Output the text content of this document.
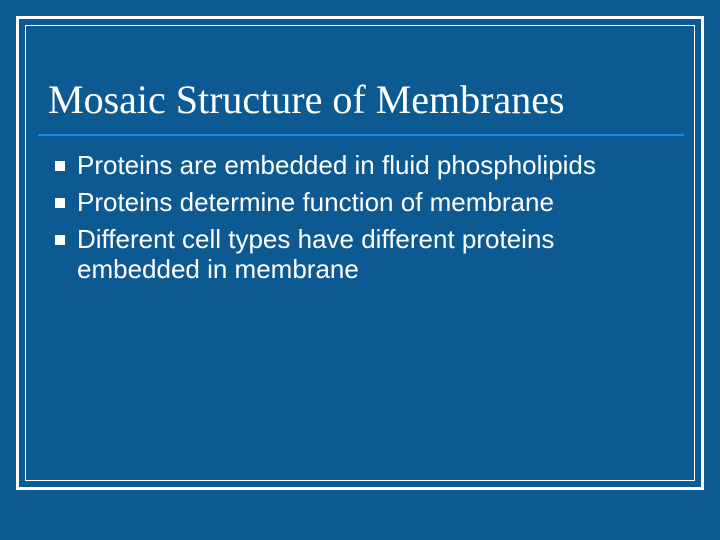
Mosaic Structure of Membranes
Proteins are embedded in fluid phospholipids
Proteins determine function of membrane
Different cell types have different proteins embedded in membrane
